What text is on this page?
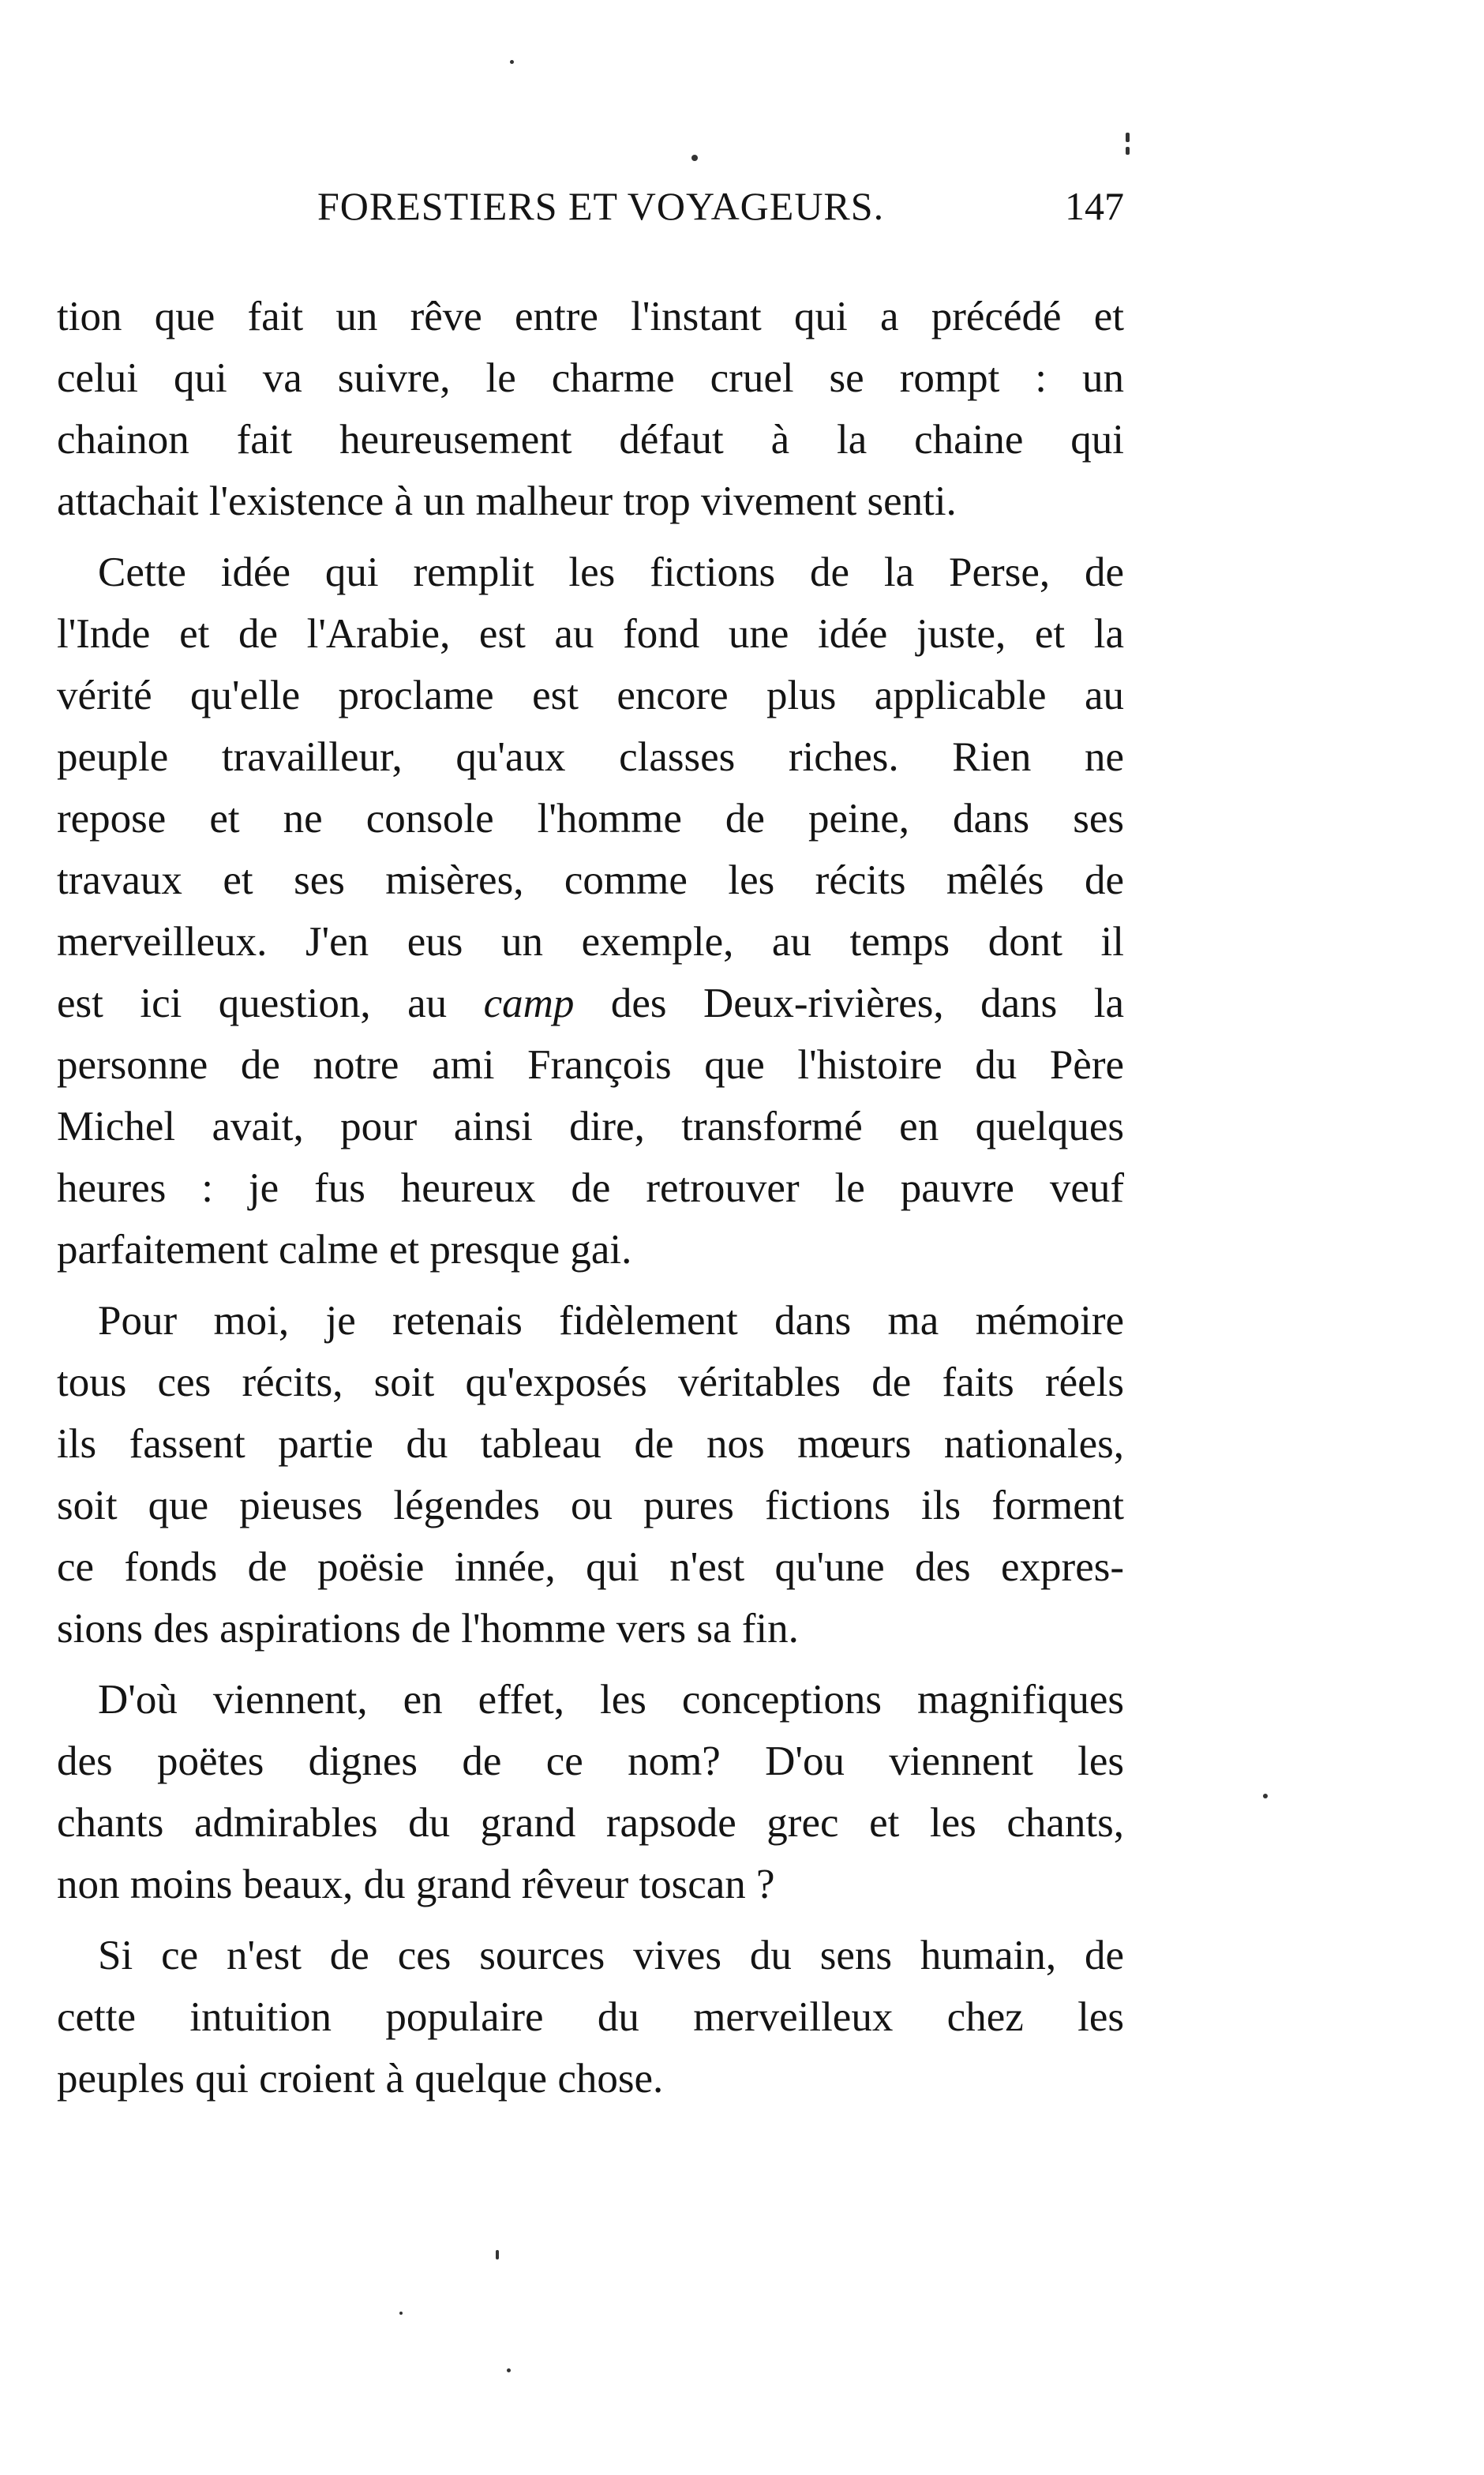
FORESTIERS ET VOYAGEURS.	147
tion que fait un rêve entre l'instant qui a précédé et
celui qui va suivre, le charme cruel se rompt : un
chainon fait heureusement défaut à la chaine qui
attachait l'existence à un malheur trop vivement senti.
Cette idée qui remplit les fictions de la Perse, de
l'Inde et de l'Arabie, est au fond une idée juste, et la
vérité qu'elle proclame est encore plus applicable au
peuple travailleur, qu'aux classes riches. Rien ne
repose et ne console l'homme de peine, dans ses
travaux et ses misères, comme les récits mêlés de
merveilleux. J'en eus un exemple, au temps dont il
est ici question, au camp des Deux-rivières, dans la
personne de notre ami François que l'histoire du Père
Michel avait, pour ainsi dire, transformé en quelques
heures : je fus heureux de retrouver le pauvre veuf
parfaitement calme et presque gai.
Pour moi, je retenais fidèlement dans ma mémoire
tous ces récits, soit qu'exposés véritables de faits réels
ils fassent partie du tableau de nos mœurs nationales,
soit que pieuses légendes ou pures fictions ils forment
ce fonds de poësie innée, qui n'est qu'une des expres-
sions des aspirations de l'homme vers sa fin.
D'où viennent, en effet, les conceptions magnifiques
des poëtes dignes de ce nom? D'ou viennent les
chants admirables du grand rapsode grec et les chants,
non moins beaux, du grand rêveur toscan ?
Si ce n'est de ces sources vives du sens humain, de
cette intuition populaire du merveilleux chez les
peuples qui croient à quelque chose.
